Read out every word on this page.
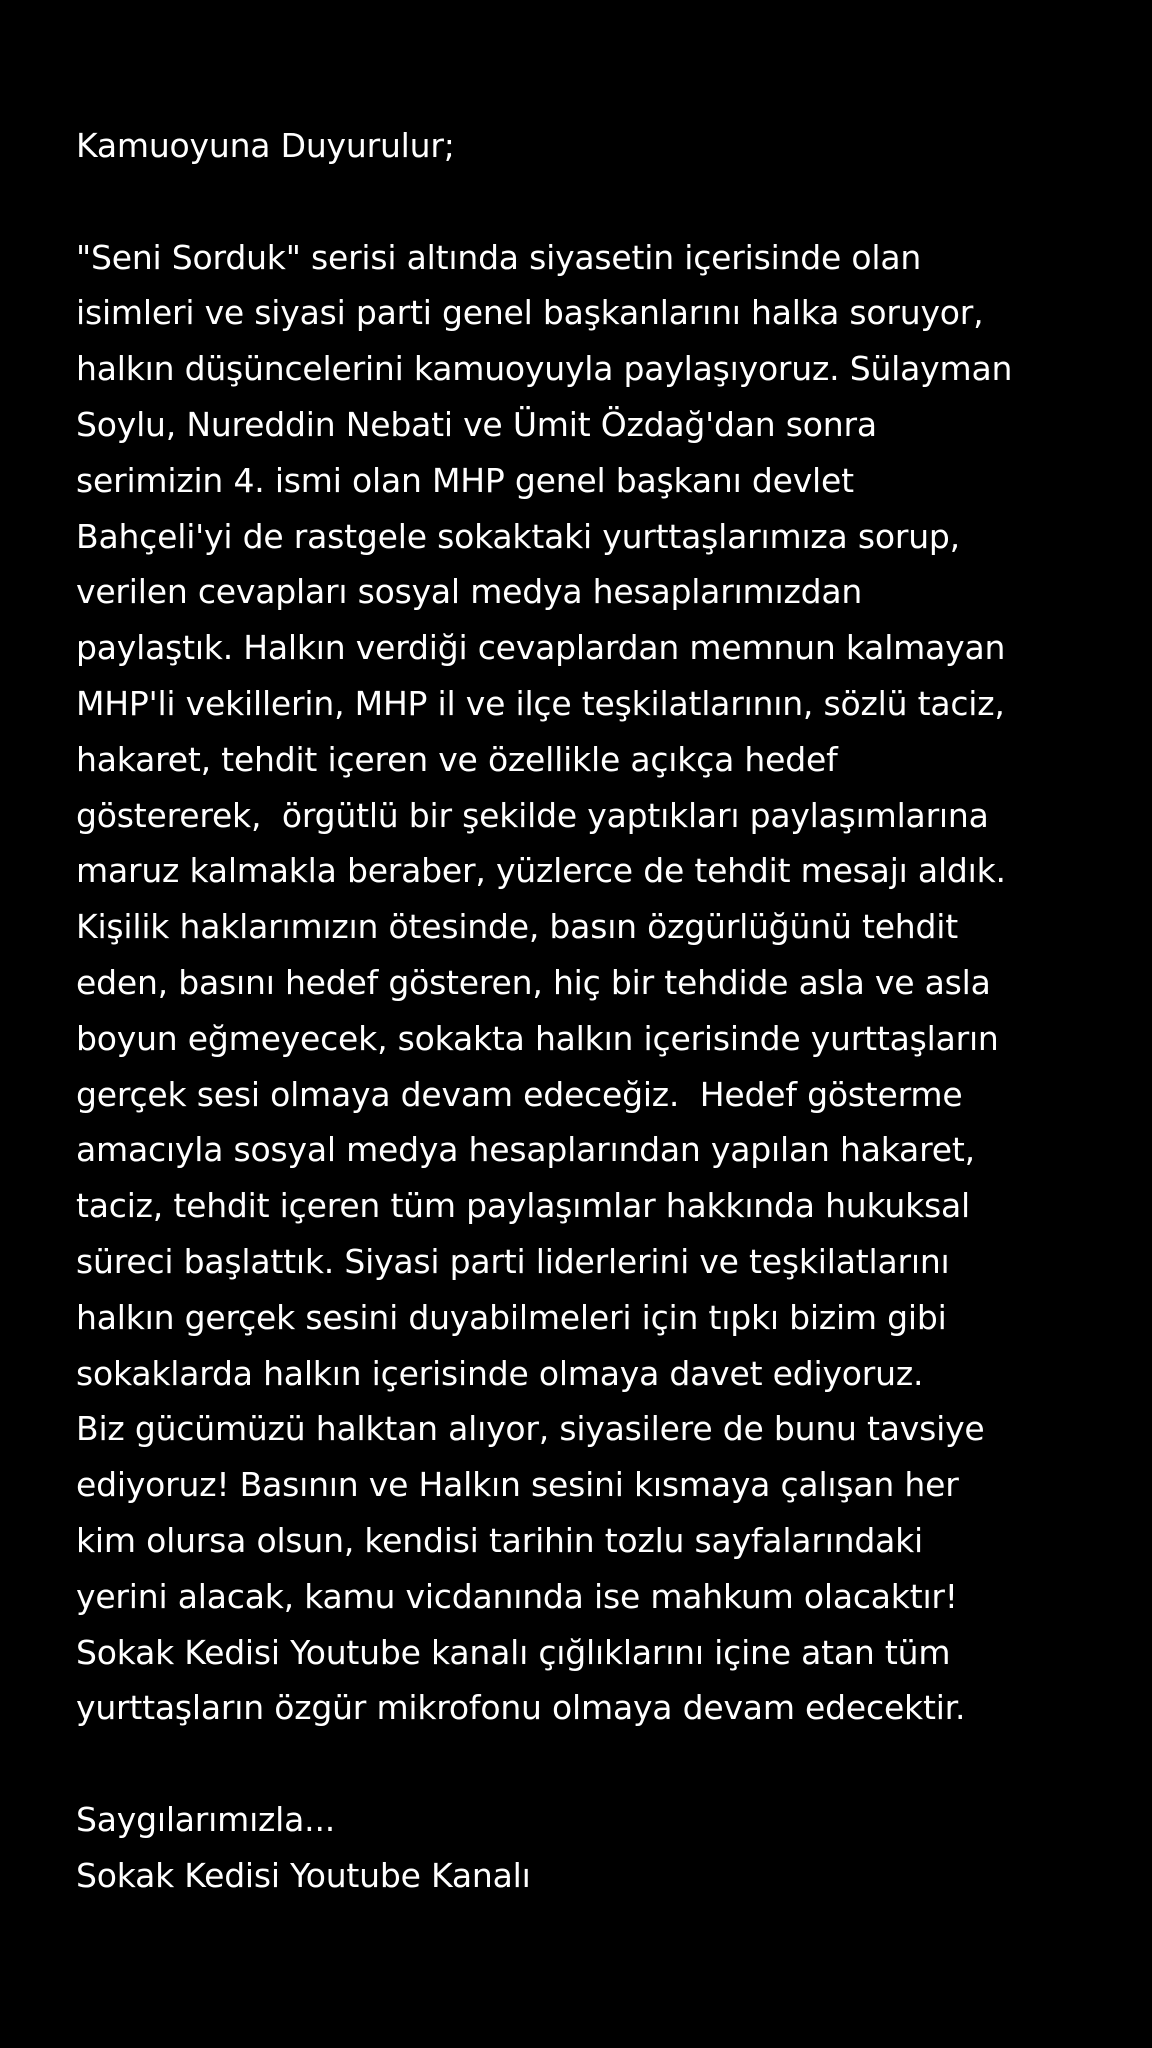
Kamuoyuna Duyurulur;
"Seni Sorduk" serisi altında siyasetin içerisinde olan
isimleri ve siyasi parti genel başkanlarını halka soruyor,
halkın düşüncelerini kamuoyuyla paylaşıyoruz. Sülayman
Soylu, Nureddin Nebati ve Ümit Özdağ'dan sonra
serimizin 4. ismi olan MHP genel başkanı devlet
Bahçeli'yi de rastgele sokaktaki yurttaşlarımıza sorup,
verilen cevapları sosyal medya hesaplarımızdan
paylaştık. Halkın verdiği cevaplardan memnun kalmayan
MHP'li vekillerin, MHP il ve ilçe teşkilatlarının, sözlü taciz,
hakaret, tehdit içeren ve özellikle açıkça hedef
göstererek,  örgütlü bir şekilde yaptıkları paylaşımlarına
maruz kalmakla beraber, yüzlerce de tehdit mesajı aldık.
Kişilik haklarımızın ötesinde, basın özgürlüğünü tehdit
eden, basını hedef gösteren, hiç bir tehdide asla ve asla
boyun eğmeyecek, sokakta halkın içerisinde yurttaşların
gerçek sesi olmaya devam edeceğiz.  Hedef gösterme
amacıyla sosyal medya hesaplarından yapılan hakaret,
taciz, tehdit içeren tüm paylaşımlar hakkında hukuksal
süreci başlattık. Siyasi parti liderlerini ve teşkilatlarını
halkın gerçek sesini duyabilmeleri için tıpkı bizim gibi
sokaklarda halkın içerisinde olmaya davet ediyoruz.
Biz gücümüzü halktan alıyor, siyasilere de bunu tavsiye
ediyoruz! Basının ve Halkın sesini kısmaya çalışan her
kim olursa olsun, kendisi tarihin tozlu sayfalarındaki
yerini alacak, kamu vicdanında ise mahkum olacaktır!
Sokak Kedisi Youtube kanalı çığlıklarını içine atan tüm
yurttaşların özgür mikrofonu olmaya devam edecektir.
Saygılarımızla...
Sokak Kedisi Youtube Kanalı
